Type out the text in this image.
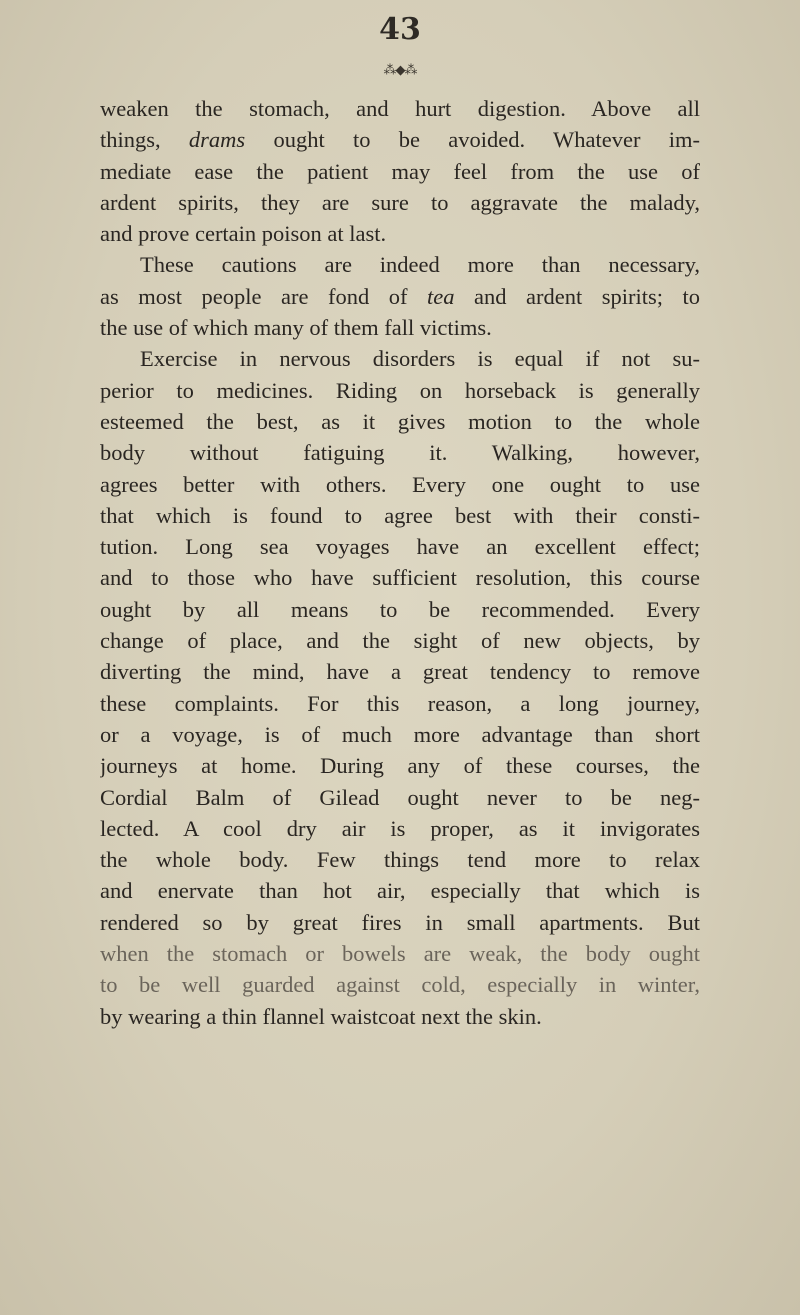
43
⁂◆⁂
weaken the stomach, and hurt digestion. Above all
things, drams ought to be avoided. Whatever im-
mediate ease the patient may feel from the use of
ardent spirits, they are sure to aggravate the malady,
and prove certain poison at last.
These cautions are indeed more than necessary,
as most people are fond of tea and ardent spirits; to
the use of which many of them fall victims.
Exercise in nervous disorders is equal if not su-
perior to medicines. Riding on horseback is generally
esteemed the best, as it gives motion to the whole
body without fatiguing it. Walking, however,
agrees better with others. Every one ought to use
that which is found to agree best with their consti-
tution. Long sea voyages have an excellent effect;
and to those who have sufficient resolution, this course
ought by all means to be recommended. Every
change of place, and the sight of new objects, by
diverting the mind, have a great tendency to remove
these complaints. For this reason, a long journey,
or a voyage, is of much more advantage than short
journeys at home. During any of these courses, the
Cordial Balm of Gilead ought never to be neg-
lected. A cool dry air is proper, as it invigorates
the whole body. Few things tend more to relax
and enervate than hot air, especially that which is
rendered so by great fires in small apartments. But
when the stomach or bowels are weak, the body ought
to be well guarded against cold, especially in winter,
by wearing a thin flannel waistcoat next the skin.
